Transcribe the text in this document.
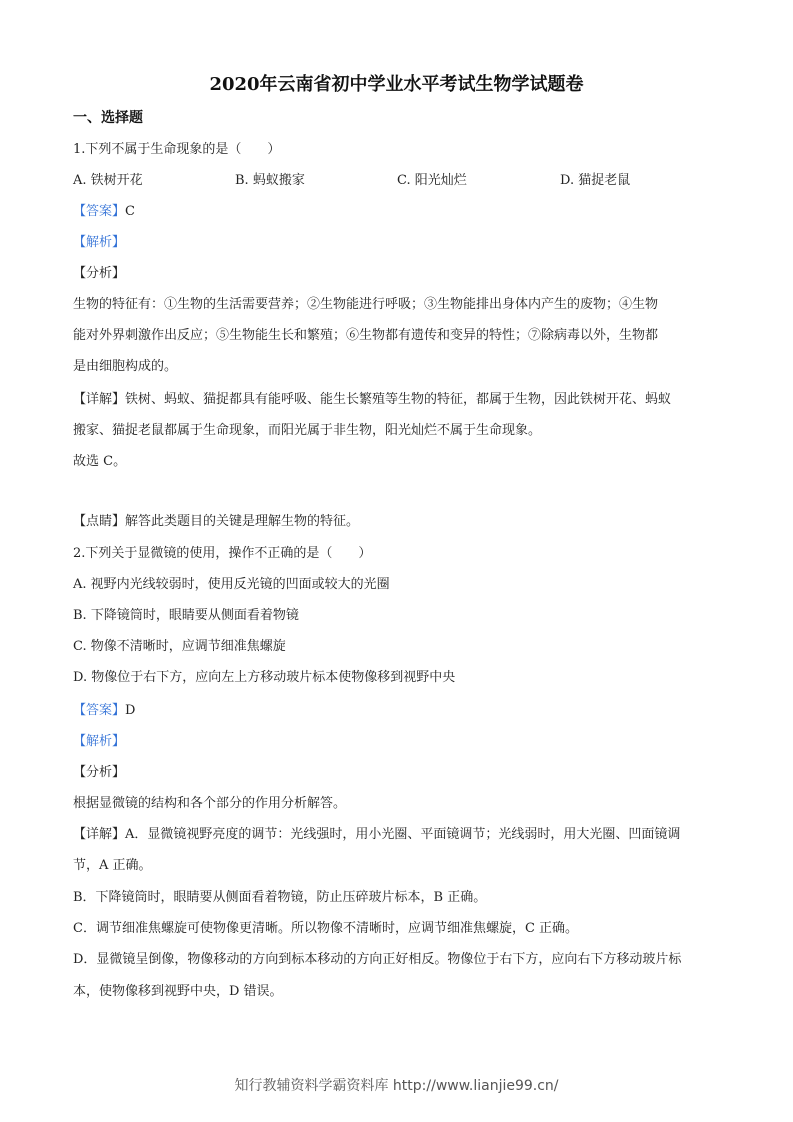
2020年云南省初中学业水平考试生物学试题卷
一、选择题
1.下列不属于生命现象的是（　　）
A. 铁树开花	B. 蚂蚁搬家	C. 阳光灿烂	D. 猫捉老鼠
【答案】C
【解析】
【分析】
生物的特征有：①生物的生活需要营养；②生物能进行呼吸；③生物能排出身体内产生的废物；④生物
能对外界刺激作出反应；⑤生物能生长和繁殖；⑥生物都有遗传和变异的特性；⑦除病毒以外，生物都
是由细胞构成的。
【详解】铁树、蚂蚁、猫捉都具有能呼吸、能生长繁殖等生物的特征，都属于生物，因此铁树开花、蚂蚁
搬家、猫捉老鼠都属于生命现象，而阳光属于非生物，阳光灿烂不属于生命现象。
故选 C。
【点睛】解答此类题目的关键是理解生物的特征。
2.下列关于显微镜的使用，操作不正确的是（　　）
A. 视野内光线较弱时，使用反光镜的凹面或较大的光圈
B. 下降镜筒时，眼睛要从侧面看着物镜
C. 物像不清晰时，应调节细准焦螺旋
D. 物像位于右下方，应向左上方移动玻片标本使物像移到视野中央
【答案】D
【解析】
【分析】
根据显微镜的结构和各个部分的作用分析解答。
【详解】A．显微镜视野亮度的调节：光线强时，用小光圈、平面镜调节；光线弱时，用大光圈、凹面镜调
节，A 正确。
B．下降镜筒时，眼睛要从侧面看着物镜，防止压碎玻片标本，B 正确。
C．调节细准焦螺旋可使物像更清晰。所以物像不清晰时，应调节细准焦螺旋，C 正确。
D．显微镜呈倒像，物像移动的方向到标本移动的方向正好相反。物像位于右下方，应向右下方移动玻片标
本，使物像移到视野中央，D 错误。
知行教辅资料学霸资料库 http://www.lianjie99.cn/
